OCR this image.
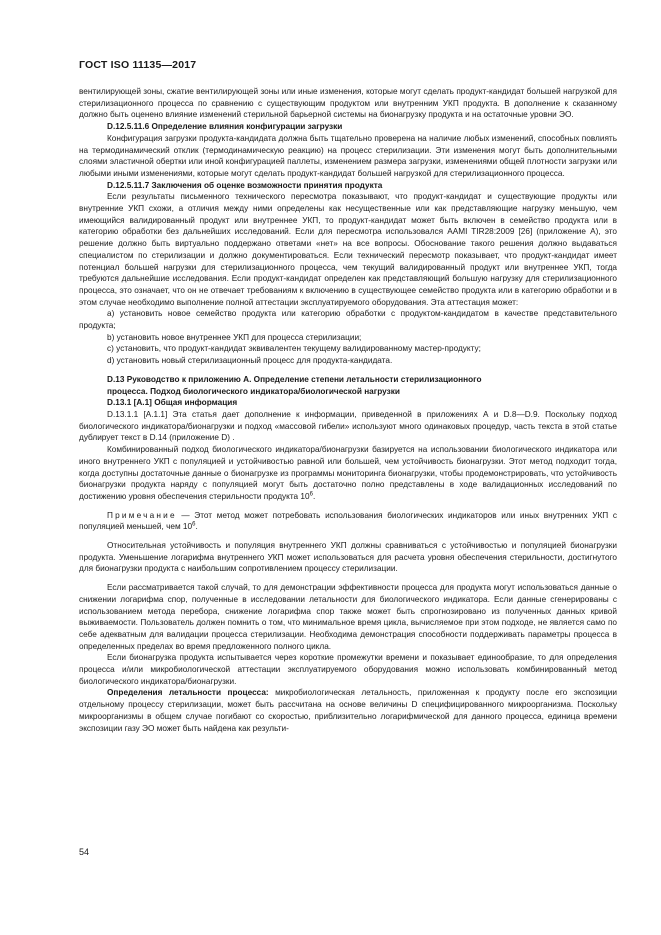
ГОСТ ISO 11135—2017

вентилирующей зоны, сжатие вентилирующей зоны или иные изменения, которые могут сделать продукт-кандидат большей нагрузкой для стерилизационного процесса по сравнению с существующим продуктом или внутренним УКП продукта. В дополнение к сказанному должно быть оценено влияние изменений стерильной барьерной системы на бионагрузку продукта и на остаточные уровни ЭО.

D.12.5.11.6 Определение влияния конфигурации загрузки

Конфигурация загрузки продукта-кандидата должна быть тщательно проверена на наличие любых изменений, способных повлиять на термодинамический отклик (термодинамическую реакцию) на процесс стерилизации. Эти изменения могут быть дополнительными слоями эластичной обертки или иной конфигурацией паллеты, изменением размера загрузки, изменениями общей плотности загрузки или любыми иными изменениями, которые могут сделать продукт-кандидат большей нагрузкой для стерилизационного процесса.

D.12.5.11.7 Заключения об оценке возможности принятия продукта

Если результаты письменного технического пересмотра показывают, что продукт-кандидат и существующие продукты или внутренние УКП схожи, а отличия между ними определены как несущественные или как представляющие нагрузку меньшую, чем имеющийся валидированный продукт или внутреннее УКП, то продукт-кандидат может быть включен в семейство продукта или в категорию обработки без дальнейших исследований. Если для пересмотра использовался AAMI TIR28:2009 [26] (приложение А), это решение должно быть виртуально поддержано ответами «нет» на все вопросы. Обоснование такого решения должно выдаваться специалистом по стерилизации и должно документироваться. Если технический пересмотр показывает, что продукт-кандидат имеет потенциал большей нагрузки для стерилизационного процесса, чем текущий валидированный продукт или внутреннее УКП, тогда требуются дальнейшие исследования. Если продукт-кандидат определен как представляющий большую нагрузку для стерилизационного процесса, это означает, что он не отвечает требованиям к включению в существующее семейство продукта или в категорию обработки и в этом случае необходимо выполнение полной аттестации эксплуатируемого оборудования. Эта аттестация может:

а) установить новое семейство продукта или категорию обработки с продуктом-кандидатом в качестве представительного продукта;

b) установить новое внутреннее УКП для процесса стерилизации;

c) установить, что продукт-кандидат эквивалентен текущему валидированному мастер-продукту;

d) установить новый стерилизационный процесс для продукта-кандидата.

D.13 Руководство к приложению А. Определение степени летальности стерилизационного

процесса. Подход биологического индикатора/биологической нагрузки

D.13.1 [A.1] Общая информация

D.13.1.1 [A.1.1] Эта статья дает дополнение к информации, приведенной в приложениях А и D.8—D.9. Поскольку подход биологического индикатора/бионагрузки и подход «массовой гибели» используют много одинаковых процедур, часть текста в этой статье дублирует текст в D.14 (приложение D) .

Комбинированный подход биологического индикатора/бионагрузки базируется на использовании биологического индикатора или иного внутреннего УКП с популяцией и устойчивостью равной или большей, чем устойчивость бионагрузки. Этот метод подходит тогда, когда доступны достаточные данные о бионагрузке из программы мониторинга бионагрузки, чтобы продемонстрировать, что устойчивость бионагрузки продукта наряду с популяцией могут быть достаточно полно представлены в ходе валидационных исследований по достижению уровня обеспечения стерильности продукта $10^6$.

Примечание — Этот метод может потребовать использования биологических индикаторов или иных внутренних УКП с популяцией меньшей, чем $10^6$.

Относительная устойчивость и популяция внутреннего УКП должны сравниваться с устойчивостью и популяцией бионагрузки продукта. Уменьшение логарифма внутреннего УКП может использоваться для расчета уровня обеспечения стерильности, достигнутого для бионагрузки продукта с наибольшим сопротивлением процессу стерилизации.

Если рассматривается такой случай, то для демонстрации эффективности процесса для продукта могут использоваться данные о снижении логарифма спор, полученные в исследовании летальности для биологического индикатора. Если данные сгенерированы с использованием метода перебора, снижение логарифма спор также может быть спрогнозировано из полученных данных кривой выживаемости. Пользователь должен помнить о том, что минимальное время цикла, вычисляемое при этом подходе, не является само по себе адекватным для валидации процесса стерилизации. Необходима демонстрация способности поддерживать параметры процесса в определенных пределах во время предложенного полного цикла.

Если бионагрузка продукта испытывается через короткие промежутки времени и показывает единообразие, то для определения процесса и/или микробиологической аттестации эксплуатируемого оборудования можно использовать комбинированный метод биологического индикатора/бионагрузки.

Определения летальности процесса: микробиологическая летальность, приложенная к продукту после его экспозиции отдельному процессу стерилизации, может быть рассчитана на основе величины D специфицированного микроорганизма. Поскольку микроорганизмы в общем случае погибают со скоростью, приблизительно логарифмической для данного процесса, единица времени экспозиции газу ЭО может быть найдена как результи-

54
